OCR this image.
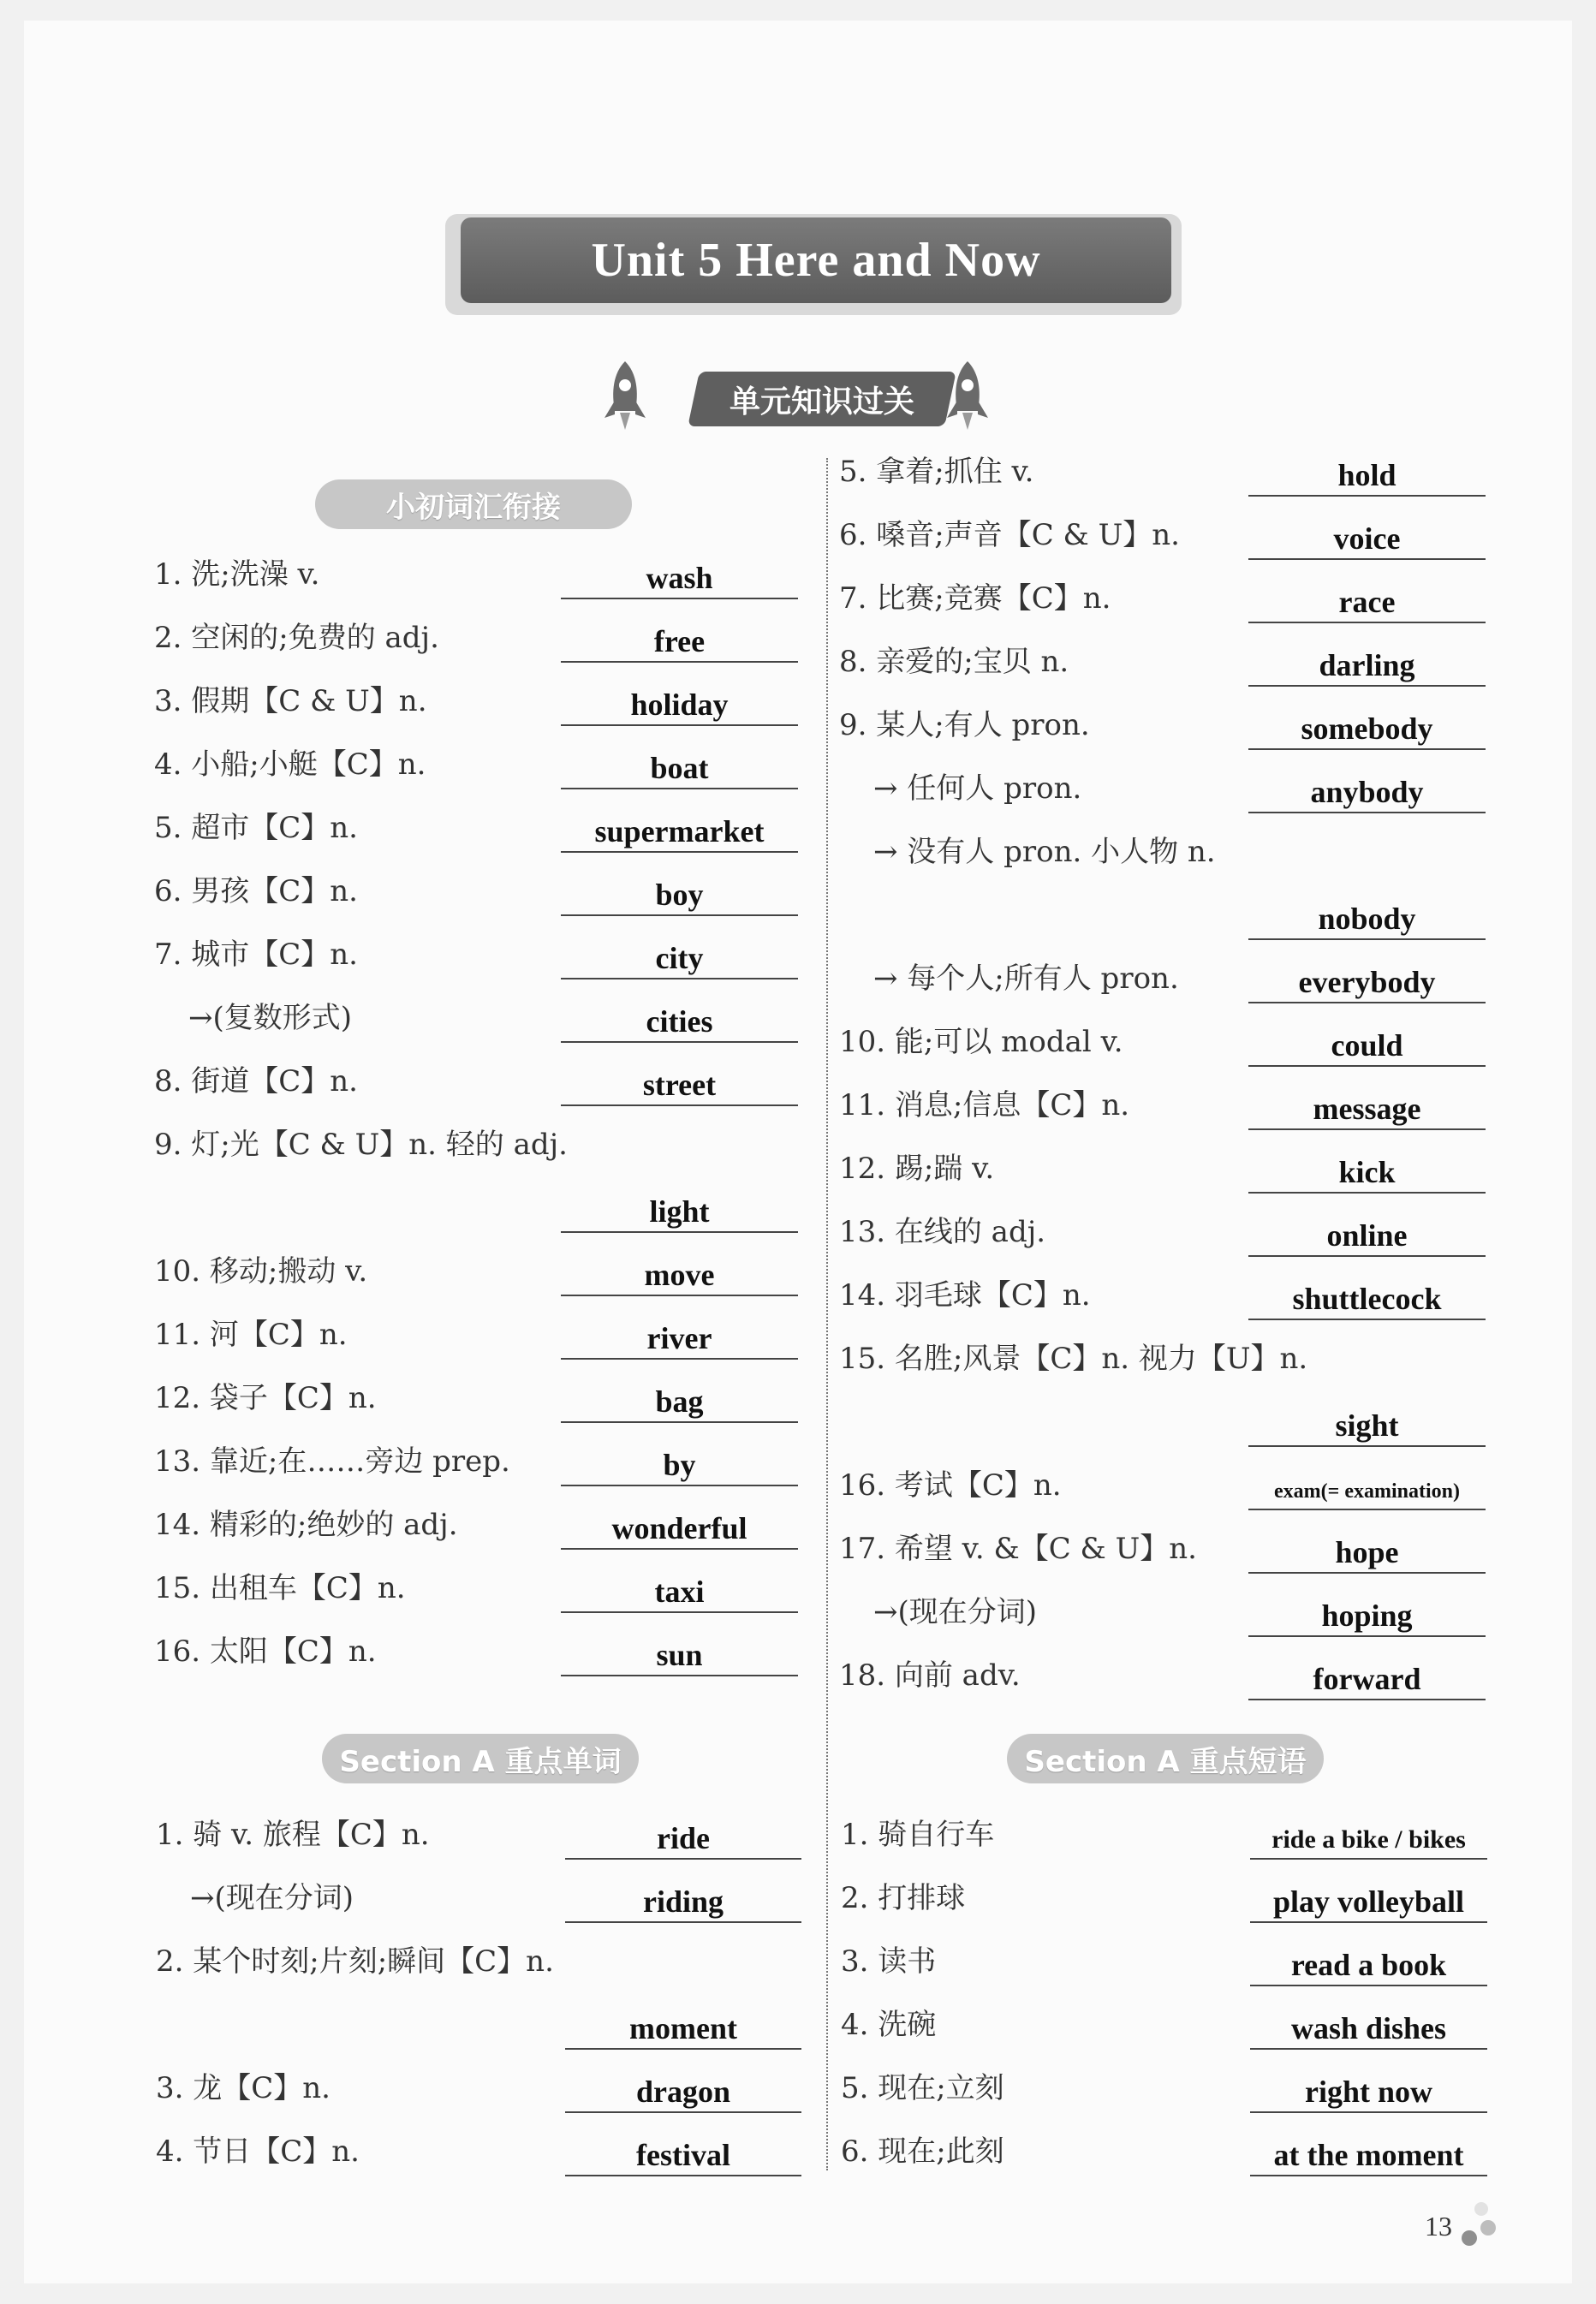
Unit 5 Here and Now
单元知识过关
小初词汇衔接
Section A 重点单词	Section A 重点短语
1. 洗;洗澡 v.	wash
2. 空闲的;免费的 adj.	free
3. 假期【C & U】n.	holiday
4. 小船;小艇【C】n.	boat
5. 超市【C】n.	supermarket
6. 男孩【C】n.	boy
7. 城市【C】n.	city
→(复数形式)	cities
8. 街道【C】n.	street
9. 灯;光【C & U】n. 轻的 adj.
light
10. 移动;搬动 v.	move
11. 河【C】n.	river
12. 袋子【C】n.	bag
13. 靠近;在……旁边 prep.	by
14. 精彩的;绝妙的 adj.	wonderful
15. 出租车【C】n.	taxi
16. 太阳【C】n.	sun
1. 骑 v. 旅程【C】n.	ride
→(现在分词)	riding
2. 某个时刻;片刻;瞬间【C】n.
moment
3. 龙【C】n.	dragon
4. 节日【C】n.	festival
5. 拿着;抓住 v.	hold
6. 嗓音;声音【C & U】n.	voice
7. 比赛;竞赛【C】n.	race
8. 亲爱的;宝贝 n.	darling
9. 某人;有人 pron.	somebody
→ 任何人 pron.	anybody
→ 没有人 pron. 小人物 n.
nobody
→ 每个人;所有人 pron.	everybody
10. 能;可以 modal v.	could
11. 消息;信息【C】n.	message
12. 踢;踹 v.	kick
13. 在线的 adj.	online
14. 羽毛球【C】n.	shuttlecock
15. 名胜;风景【C】n. 视力【U】n.
sight
16. 考试【C】n.	exam(= examination)
17. 希望 v. &【C & U】n.	hope
→(现在分词)	hoping
18. 向前 adv.	forward
1. 骑自行车	ride a bike / bikes
2. 打排球	play volleyball
3. 读书	read a book
4. 洗碗	wash dishes
5. 现在;立刻	right now
6. 现在;此刻	at the moment
13
